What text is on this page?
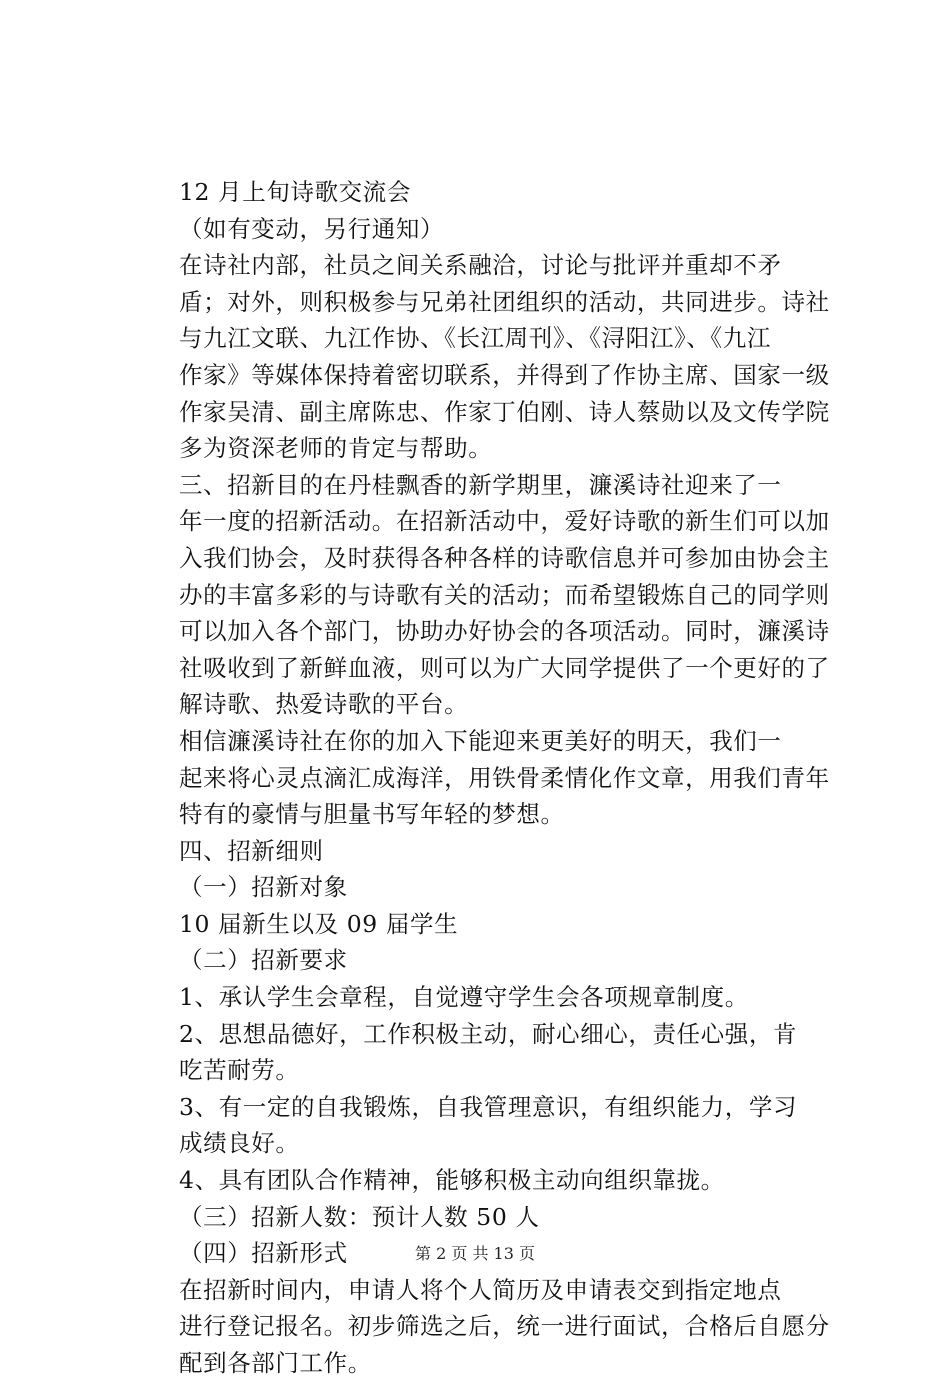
12 月上旬诗歌交流会

（如有变动，另行通知）

在诗社内部，社员之间关系融洽，讨论与批评并重却不矛
盾；对外，则积极参与兄弟社团组织的活动，共同进步。诗社
与九江文联、九江作协、《长江周刊》、《浔阳江》、《九江
作家》等媒体保持着密切联系，并得到了作协主席、国家一级
作家吴清、副主席陈忠、作家丁伯刚、诗人蔡勋以及文传学院
多为资深老师的肯定与帮助。

三、招新目的在丹桂飘香的新学期里，濂溪诗社迎来了一
年一度的招新活动。在招新活动中，爱好诗歌的新生们可以加
入我们协会，及时获得各种各样的诗歌信息并可参加由协会主
办的丰富多彩的与诗歌有关的活动；而希望锻炼自己的同学则
可以加入各个部门，协助办好协会的各项活动。同时，濂溪诗
社吸收到了新鲜血液，则可以为广大同学提供了一个更好的了
解诗歌、热爱诗歌的平台。

相信濂溪诗社在你的加入下能迎来更美好的明天，我们一
起来将心灵点滴汇成海洋，用铁骨柔情化作文章，用我们青年
特有的豪情与胆量书写年轻的梦想。

四、招新细则

（一）招新对象

10 届新生以及 09 届学生

（二）招新要求

1、承认学生会章程，自觉遵守学生会各项规章制度。

2、思想品德好，工作积极主动，耐心细心，责任心强，肯
吃苦耐劳。

3、有一定的自我锻炼，自我管理意识，有组织能力，学习
成绩良好。

4、具有团队合作精神，能够积极主动向组织靠拢。

（三）招新人数：预计人数 50 人

（四）招新形式

在招新时间内，申请人将个人简历及申请表交到指定地点
进行登记报名。初步筛选之后，统一进行面试，合格后自愿分
配到各部门工作。

第 2 页 共 13 页
